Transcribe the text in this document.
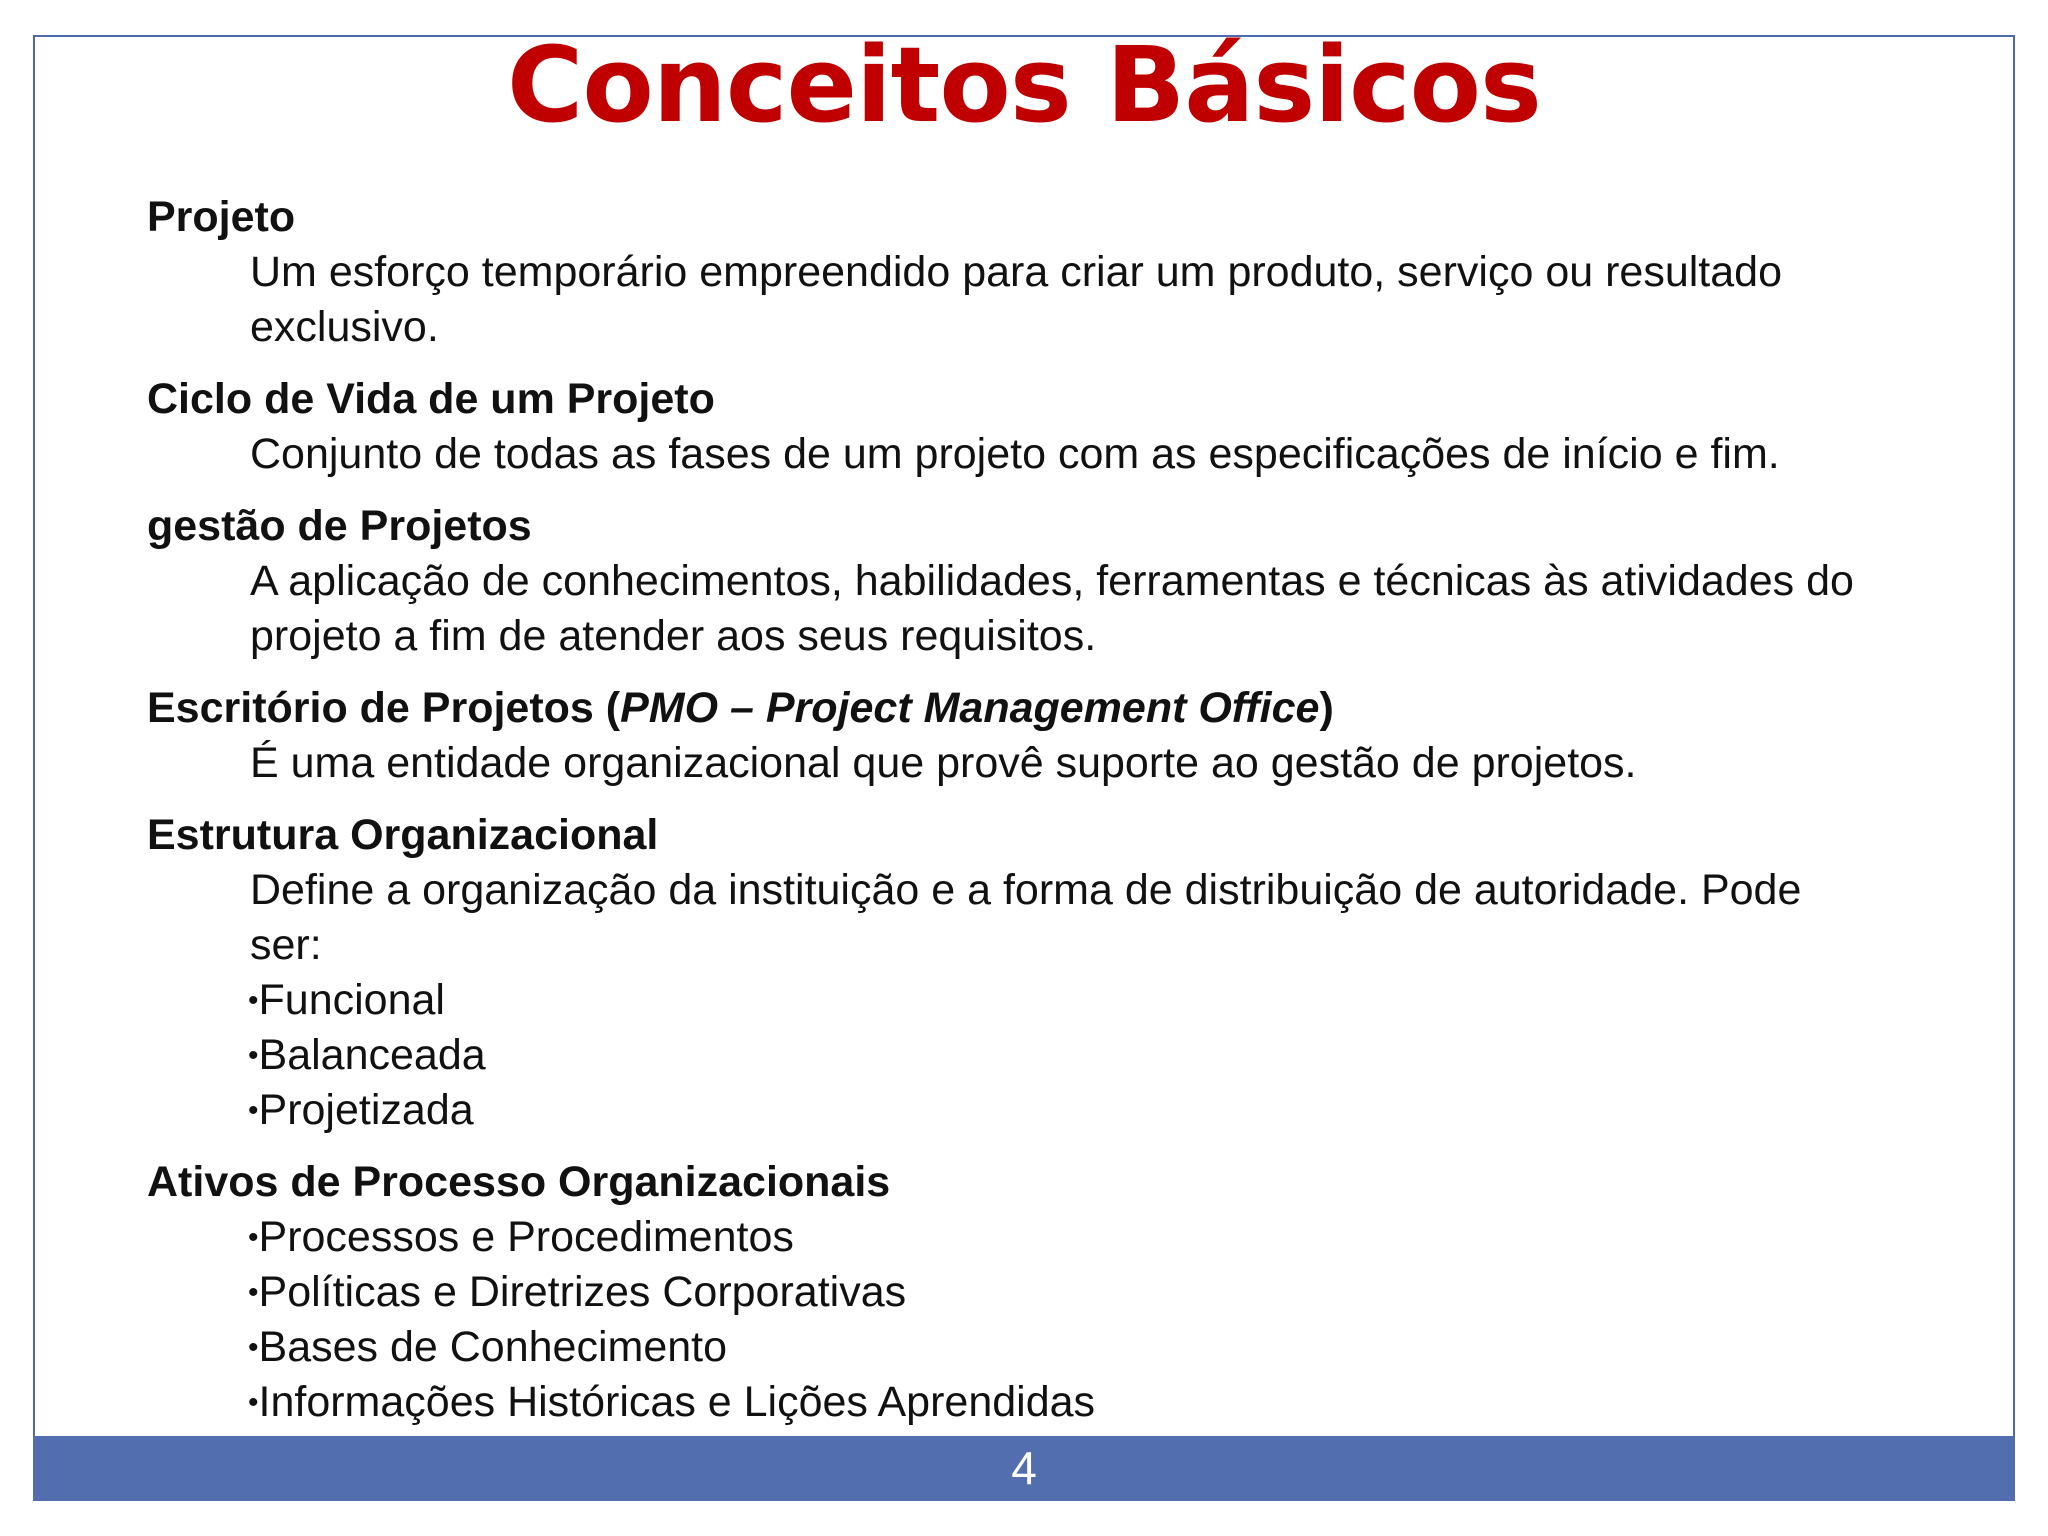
Conceitos Básicos

Projeto

Um esforço temporário empreendido para criar um produto, serviço ou resultado

exclusivo.

Ciclo de Vida de um Projeto

Conjunto de todas as fases de um projeto com as especificações de início e fim.

gestão de Projetos

A aplicação de conhecimentos, habilidades, ferramentas e técnicas às atividades do

projeto a fim de atender aos seus requisitos.

Escritório de Projetos (PMO – Project Management Office)

É uma entidade organizacional que provê suporte ao gestão de projetos.

Estrutura Organizacional

Define a organização da instituição e a forma de distribuição de autoridade. Pode

ser:

•Funcional

•Balanceada

•Projetizada

Ativos de Processo Organizacionais

•Processos e Procedimentos

•Políticas e Diretrizes Corporativas

•Bases de Conhecimento

•Informações Históricas e Lições Aprendidas

4
